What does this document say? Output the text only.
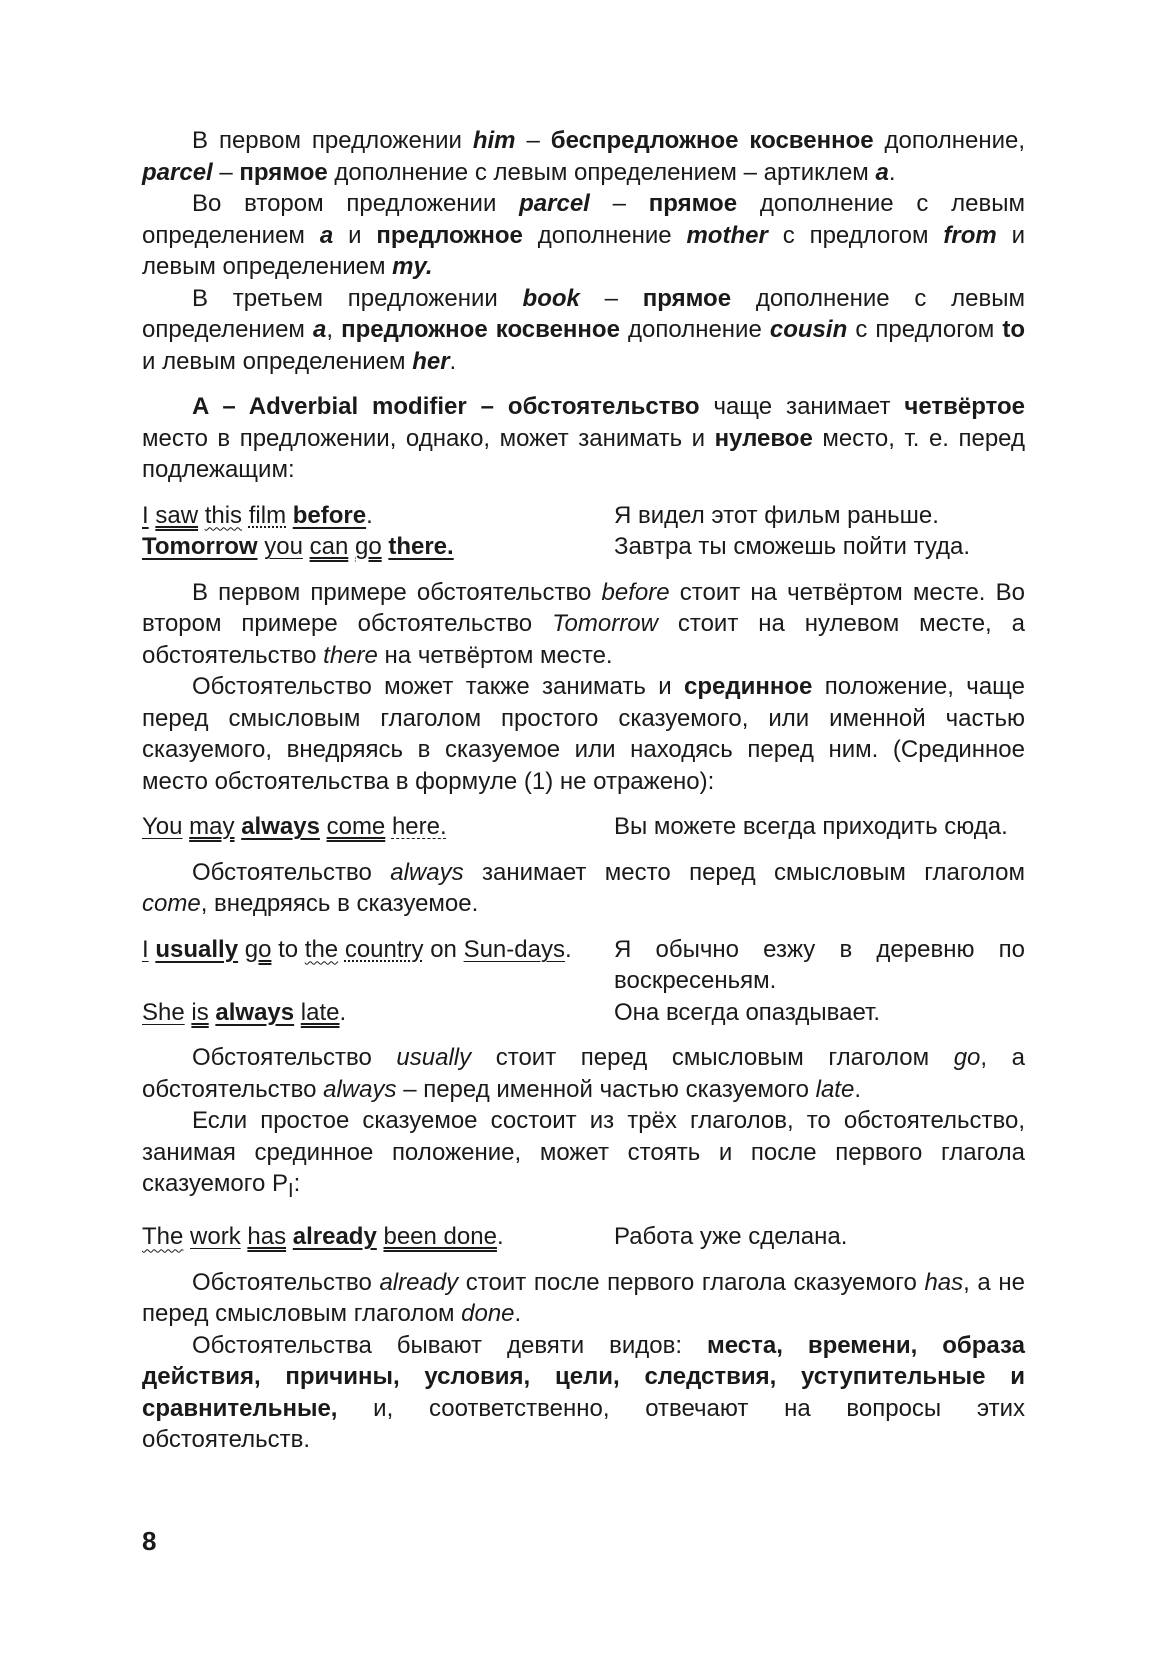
В первом предложении him – беспредложное косвенное дополнение, parcel – прямое дополнение с левым определением – артиклем a.

Во втором предложении parcel – прямое дополнение с левым определением a и предложное дополнение mother с предлогом from и левым определением my.

В третьем предложении book – прямое дополнение с левым определением a, предложное косвенное дополнение cousin с предлогом to и левым определением her.

A – Adverbial modifier – обстоятельство чаще занимает четвёртое место в предложении, однако, может занимать и нулевое место, т. е. перед подлежащим:

I saw this film before.	Я видел этот фильм раньше.
Tomorrow you can go there.	Завтра ты сможешь пойти туда.

В первом примере обстоятельство before стоит на четвёртом месте. Во втором примере обстоятельство Tomorrow стоит на нулевом месте, а обстоятельство there на четвёртом месте.

Обстоятельство может также занимать и срединное положение, чаще перед смысловым глаголом простого сказуемого, или именной частью сказуемого, внедряясь в сказуемое или находясь перед ним. (Срединное место обстоятельства в формуле (1) не отражено):

You may always come here.	Вы можете всегда приходить сюда.

Обстоятельство always занимает место перед смысловым глаголом come, внедряясь в сказуемое.

I usually go to the country on Sun-days.	Я обычно езжу в деревню по воскресеньям.
She is always late.	Она всегда опаздывает.

Обстоятельство usually стоит перед смысловым глаголом go, а обстоятельство always – перед именной частью сказуемого late.

Если простое сказуемое состоит из трёх глаголов, то обстоятельство, занимая срединное положение, может стоять и после первого глагола сказуемого $P_I$:

The work has already been done.	Работа уже сделана.

Обстоятельство already стоит после первого глагола сказуемого has, а не перед смысловым глаголом done.

Обстоятельства бывают девяти видов: места, времени, образа действия, причины, условия, цели, следствия, уступительные и сравнительные, и, соответственно, отвечают на вопросы этих обстоятельств.

8
